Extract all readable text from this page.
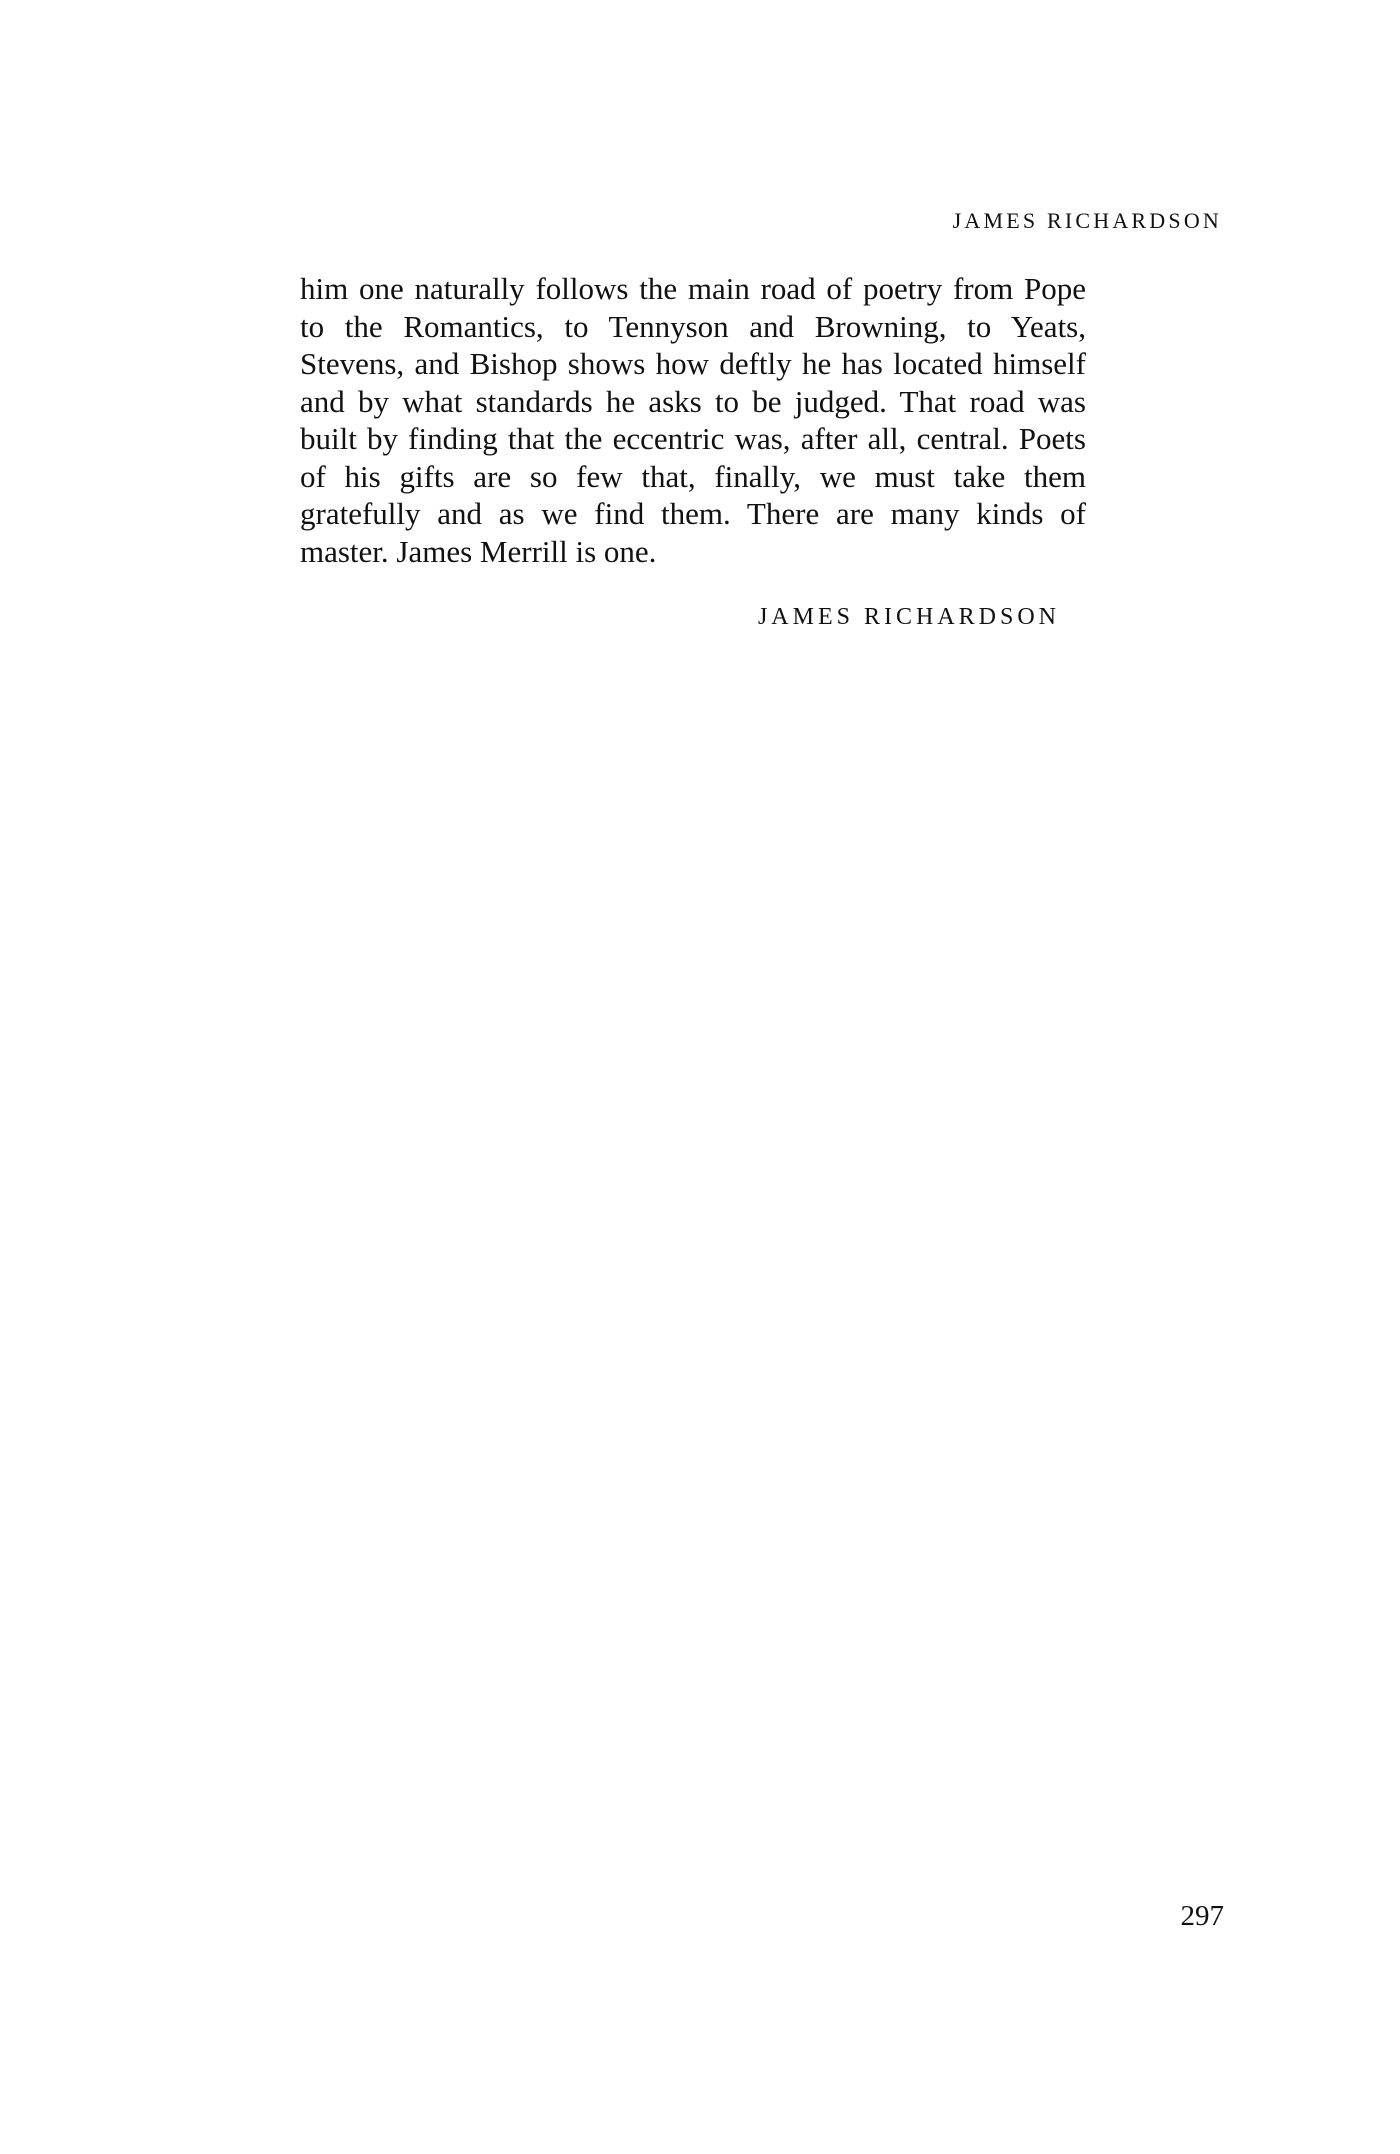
JAMES RICHARDSON
him one naturally follows the main road of poetry from Pope
to the Romantics, to Tennyson and Browning, to Yeats,
Stevens, and Bishop shows how deftly he has located himself
and by what standards he asks to be judged. That road was
built by finding that the eccentric was, after all, central. Poets
of his gifts are so few that, finally, we must take them
gratefully and as we find them. There are many kinds of
master. James Merrill is one.
JAMES RICHARDSON
297
